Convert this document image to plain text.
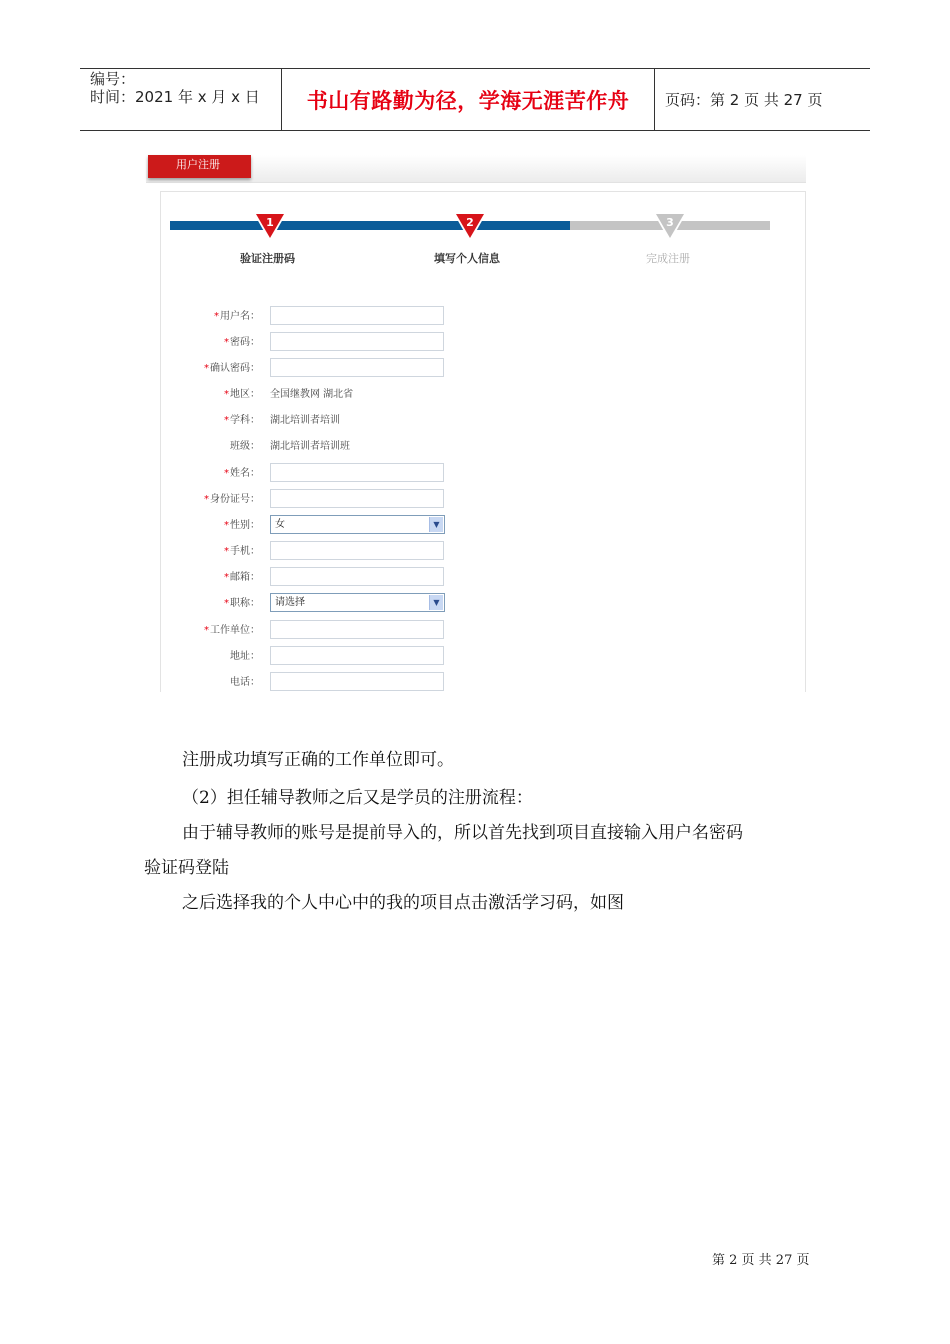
编号：
时间：2021 年 x 月 x 日 书山有路勤为径，学海无涯苦作舟	页码：第 2 页 共 27 页
用户注册
1	2	3
验证注册码	填写个人信息	完成注册
*用户名：
*密码：
*确认密码：
*地区： 全国继教网 湖北省
*学科： 湖北培训者培训
班级： 湖北培训者培训班
*姓名：
*身份证号：
*性别：	女	▼
*手机：
*邮箱：
*职称：	请选择	▼
*工作单位：
地址：
电话：
注册成功填写正确的工作单位即可。
（2）担任辅导教师之后又是学员的注册流程：
由于辅导教师的账号是提前导入的，所以首先找到项目直接输入用户名密码
验证码登陆
之后选择我的个人中心中的我的项目点击激活学习码，如图
第 2 页 共 27 页
